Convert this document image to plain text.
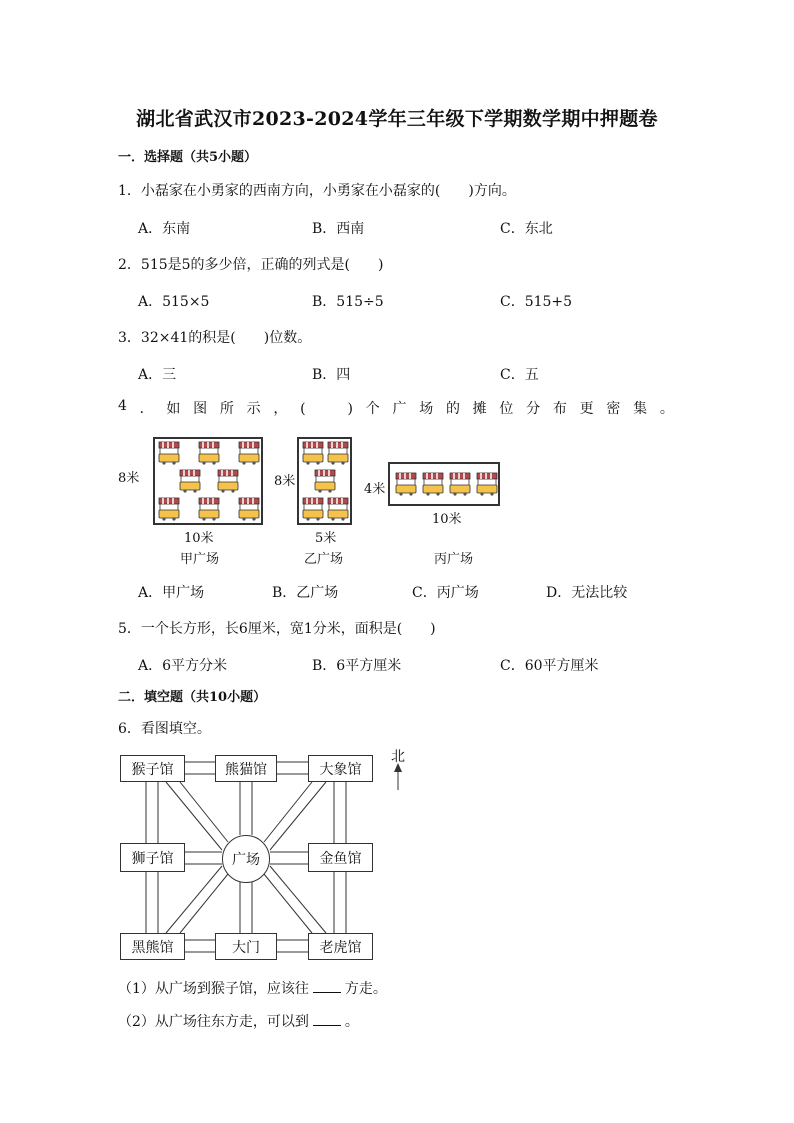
湖北省武汉市2023-2024学年三年级下学期数学期中押题卷
一．选择题（共5小题）
1．小磊家在小勇家的西南方向，小勇家在小磊家的(　　)方向。
A．东南	B．西南	C．东北
2．515是5的多少倍，正确的列式是(　　)
A．515×5	B．515÷5	C．515+5
3．32×41的积是(　　)位数。
A．三	B．四	C．五
4 ． 如 图 所 示 ， (　　　) 个 广 场 的 摊 位 分 布 更 密 集 。
8米
10米
甲广场
8米
5米
乙广场
4米
10米
丙广场
A．甲广场	B．乙广场	C．丙广场	D．无法比较
5．一个长方形，长6厘米，宽1分米，面积是(　　)
A．6平方分米	B．6平方厘米	C．60平方厘米
二．填空题（共10小题）
6．看图填空。
北
猴子馆	熊猫馆	大象馆
狮子馆	广场	金鱼馆
黑熊馆	大门	老虎馆
（1）从广场到猴子馆，应该往	方走。
（2）从广场往东方走，可以到	。
